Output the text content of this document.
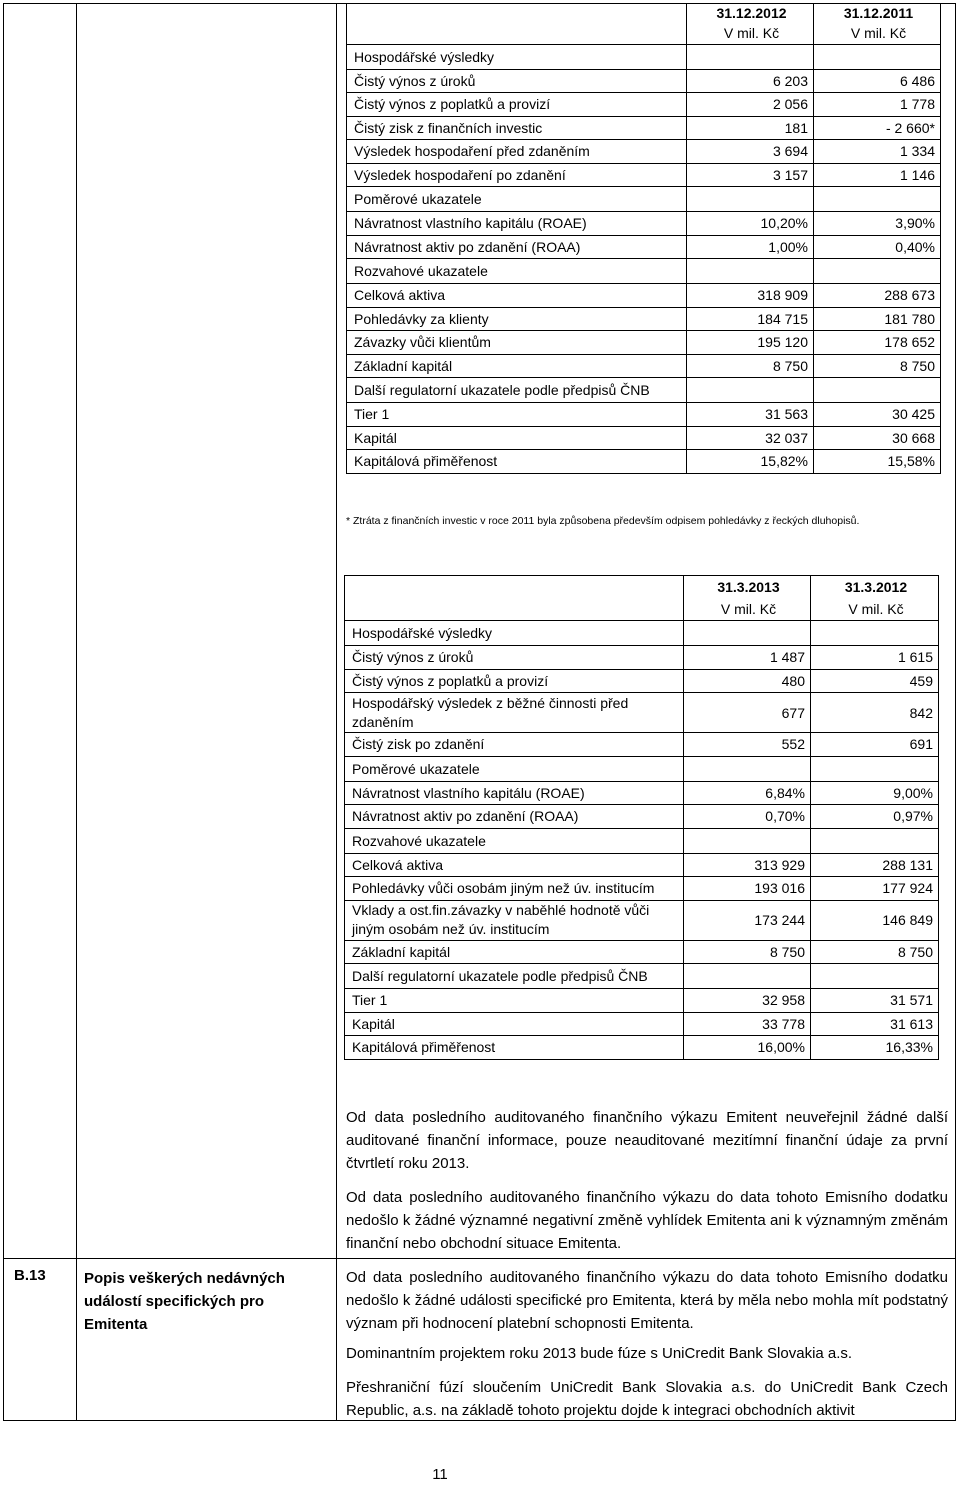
	31.12.2012	31.12.2011
	V mil. Kč	V mil. Kč
Hospodářské výsledky		
Čistý výnos z úroků	6 203	6 486
Čistý výnos z poplatků a provizí	2 056	1 778
Čistý zisk z finančních investic	181	- 2 660*
Výsledek hospodaření před zdaněním	3 694	1 334
Výsledek hospodaření po zdanění	3 157	1 146
Poměrové ukazatele		
Návratnost vlastního kapitálu (ROAE)	10,20%	3,90%
Návratnost aktiv po zdanění (ROAA)	1,00%	0,40%
Rozvahové ukazatele		
Celková aktiva	318 909	288 673
Pohledávky za klienty	184 715	181 780
Závazky vůči klientům	195 120	178 652
Základní kapitál	8 750	8 750
Další regulatorní ukazatele podle předpisů ČNB		
Tier 1	31 563	30 425
Kapitál	32 037	30 668
Kapitálová přiměřenost	15,82%	15,58%
* Ztráta z finančních investic v roce 2011 byla způsobena především odpisem pohledávky z řeckých dluhopisů.
	31.3.2013	31.3.2012
	V mil. Kč	V mil. Kč
Hospodářské výsledky		
Čistý výnos z úroků	1 487	1 615
Čistý výnos z poplatků a provizí	480	459
Hospodářský výsledek z běžné činnosti před zdaněním	677	842
Čistý zisk po zdanění	552	691
Poměrové ukazatele		
Návratnost vlastního kapitálu (ROAE)	6,84%	9,00%
Návratnost aktiv po zdanění (ROAA)	0,70%	0,97%
Rozvahové ukazatele		
Celková aktiva	313 929	288 131
Pohledávky vůči osobám jiným než úv. institucím	193 016	177 924
Vklady a ost.fin.závazky v naběhlé hodnotě vůči jiným osobám než úv. institucím	173 244	146 849
Základní kapitál	8 750	8 750
Další regulatorní ukazatele podle předpisů ČNB		
Tier 1	32 958	31 571
Kapitál	33 778	31 613
Kapitálová přiměřenost	16,00%	16,33%

Od data posledního auditovaného finančního výkazu Emitent neuveřejnil žádné další auditované finanční informace, pouze neauditované mezitímní finanční údaje za první čtvrtletí roku 2013.

Od data posledního auditovaného finančního výkazu do data tohoto Emisního dodatku nedošlo k žádné významné negativní změně vyhlídek Emitenta ani k významným změnám finanční nebo obchodní situace Emitenta.

B.13	Popis veškerých nedávných událostí specifických pro Emitenta

Od data posledního auditovaného finančního výkazu do data tohoto Emisního dodatku nedošlo k žádné události specifické pro Emitenta, která by měla nebo mohla mít podstatný význam při hodnocení platební schopnosti Emitenta.

Dominantním projektem roku 2013 bude fúze s UniCredit Bank Slovakia a.s.

Přeshraniční fúzí sloučením UniCredit Bank Slovakia a.s. do UniCredit Bank Czech Republic, a.s. na základě tohoto projektu dojde k integraci obchodních aktivit

11
